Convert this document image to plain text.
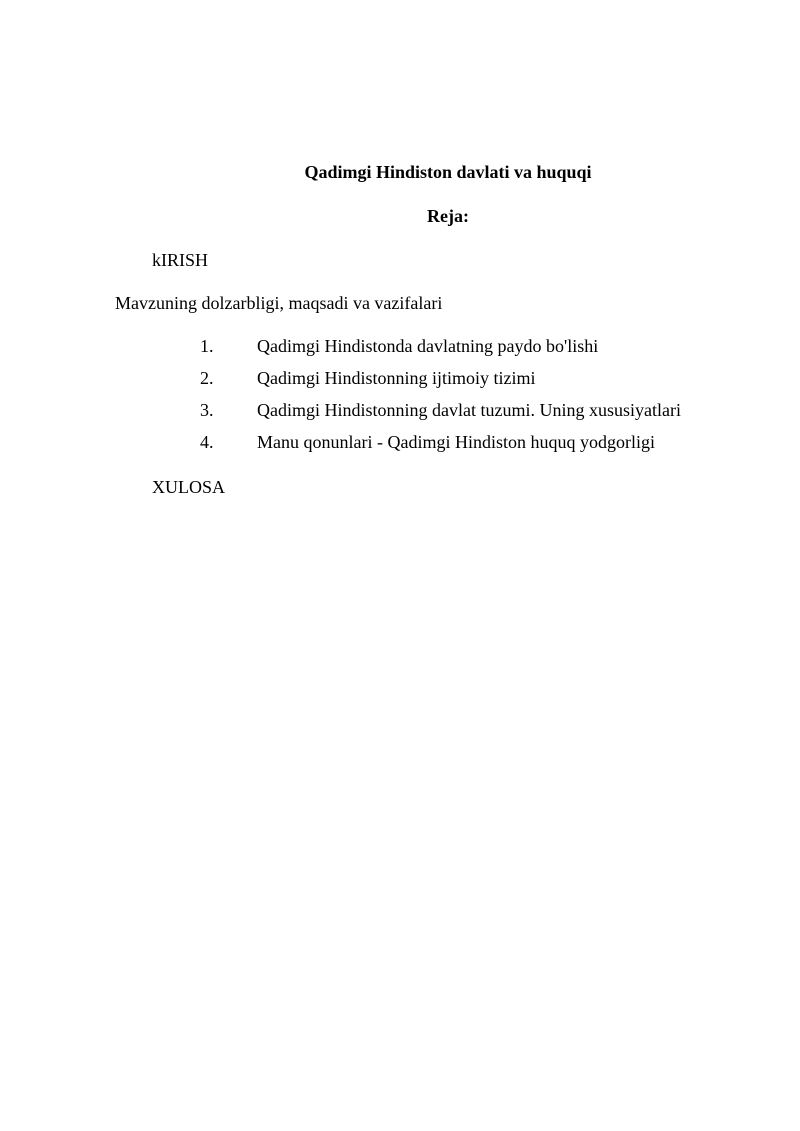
Qadimgi Hindiston davlati va huquqi
Reja:
kIRISH
Mavzuning dolzarbligi, maqsadi va vazifalari
1. Qadimgi Hindistonda davlatning paydo bo'lishi
2. Qadimgi Hindistonning ijtimoiy tizimi
3. Qadimgi Hindistonning davlat tuzumi. Uning xususiyatlari
4. Manu qonunlari - Qadimgi Hindiston huquq yodgorligi
XULOSA
